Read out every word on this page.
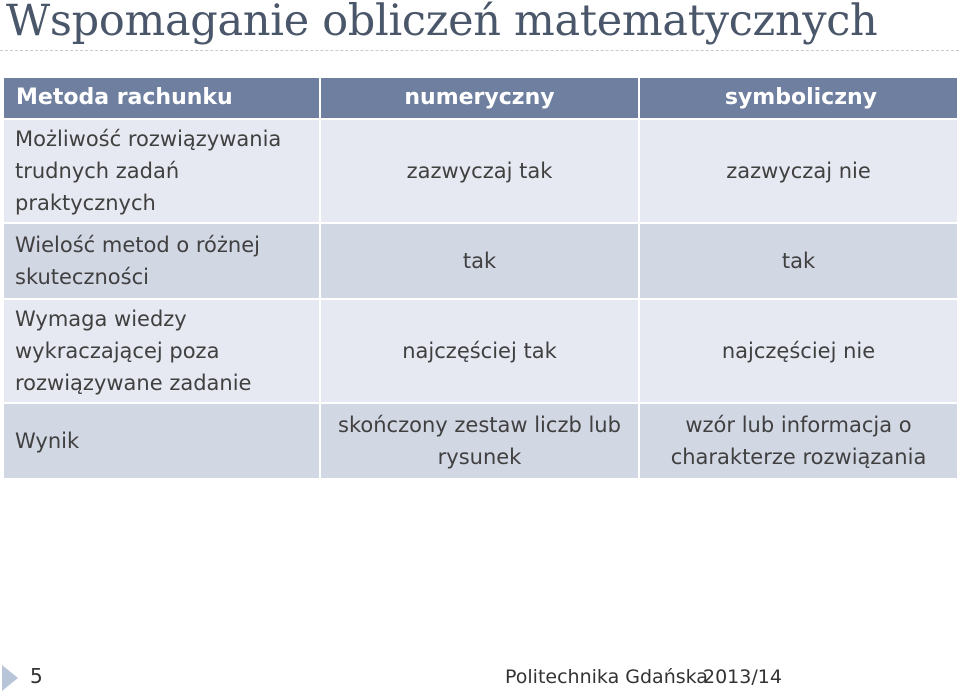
Wspomaganie obliczeń matematycznych
Metoda rachunku	numeryczny	symboliczny
Możliwość rozwiązywania trudnych zadań praktycznych	zazwyczaj tak	zazwyczaj nie
Wielość metod o różnej skuteczności	tak	tak
Wymaga wiedzy wykraczającej poza rozwiązywane zadanie	najczęściej tak	najczęściej nie
Wynik	skończony zestaw liczb lub rysunek	wzór lub informacja o charakterze rozwiązania
5	Politechnika Gdańska
2013/14
